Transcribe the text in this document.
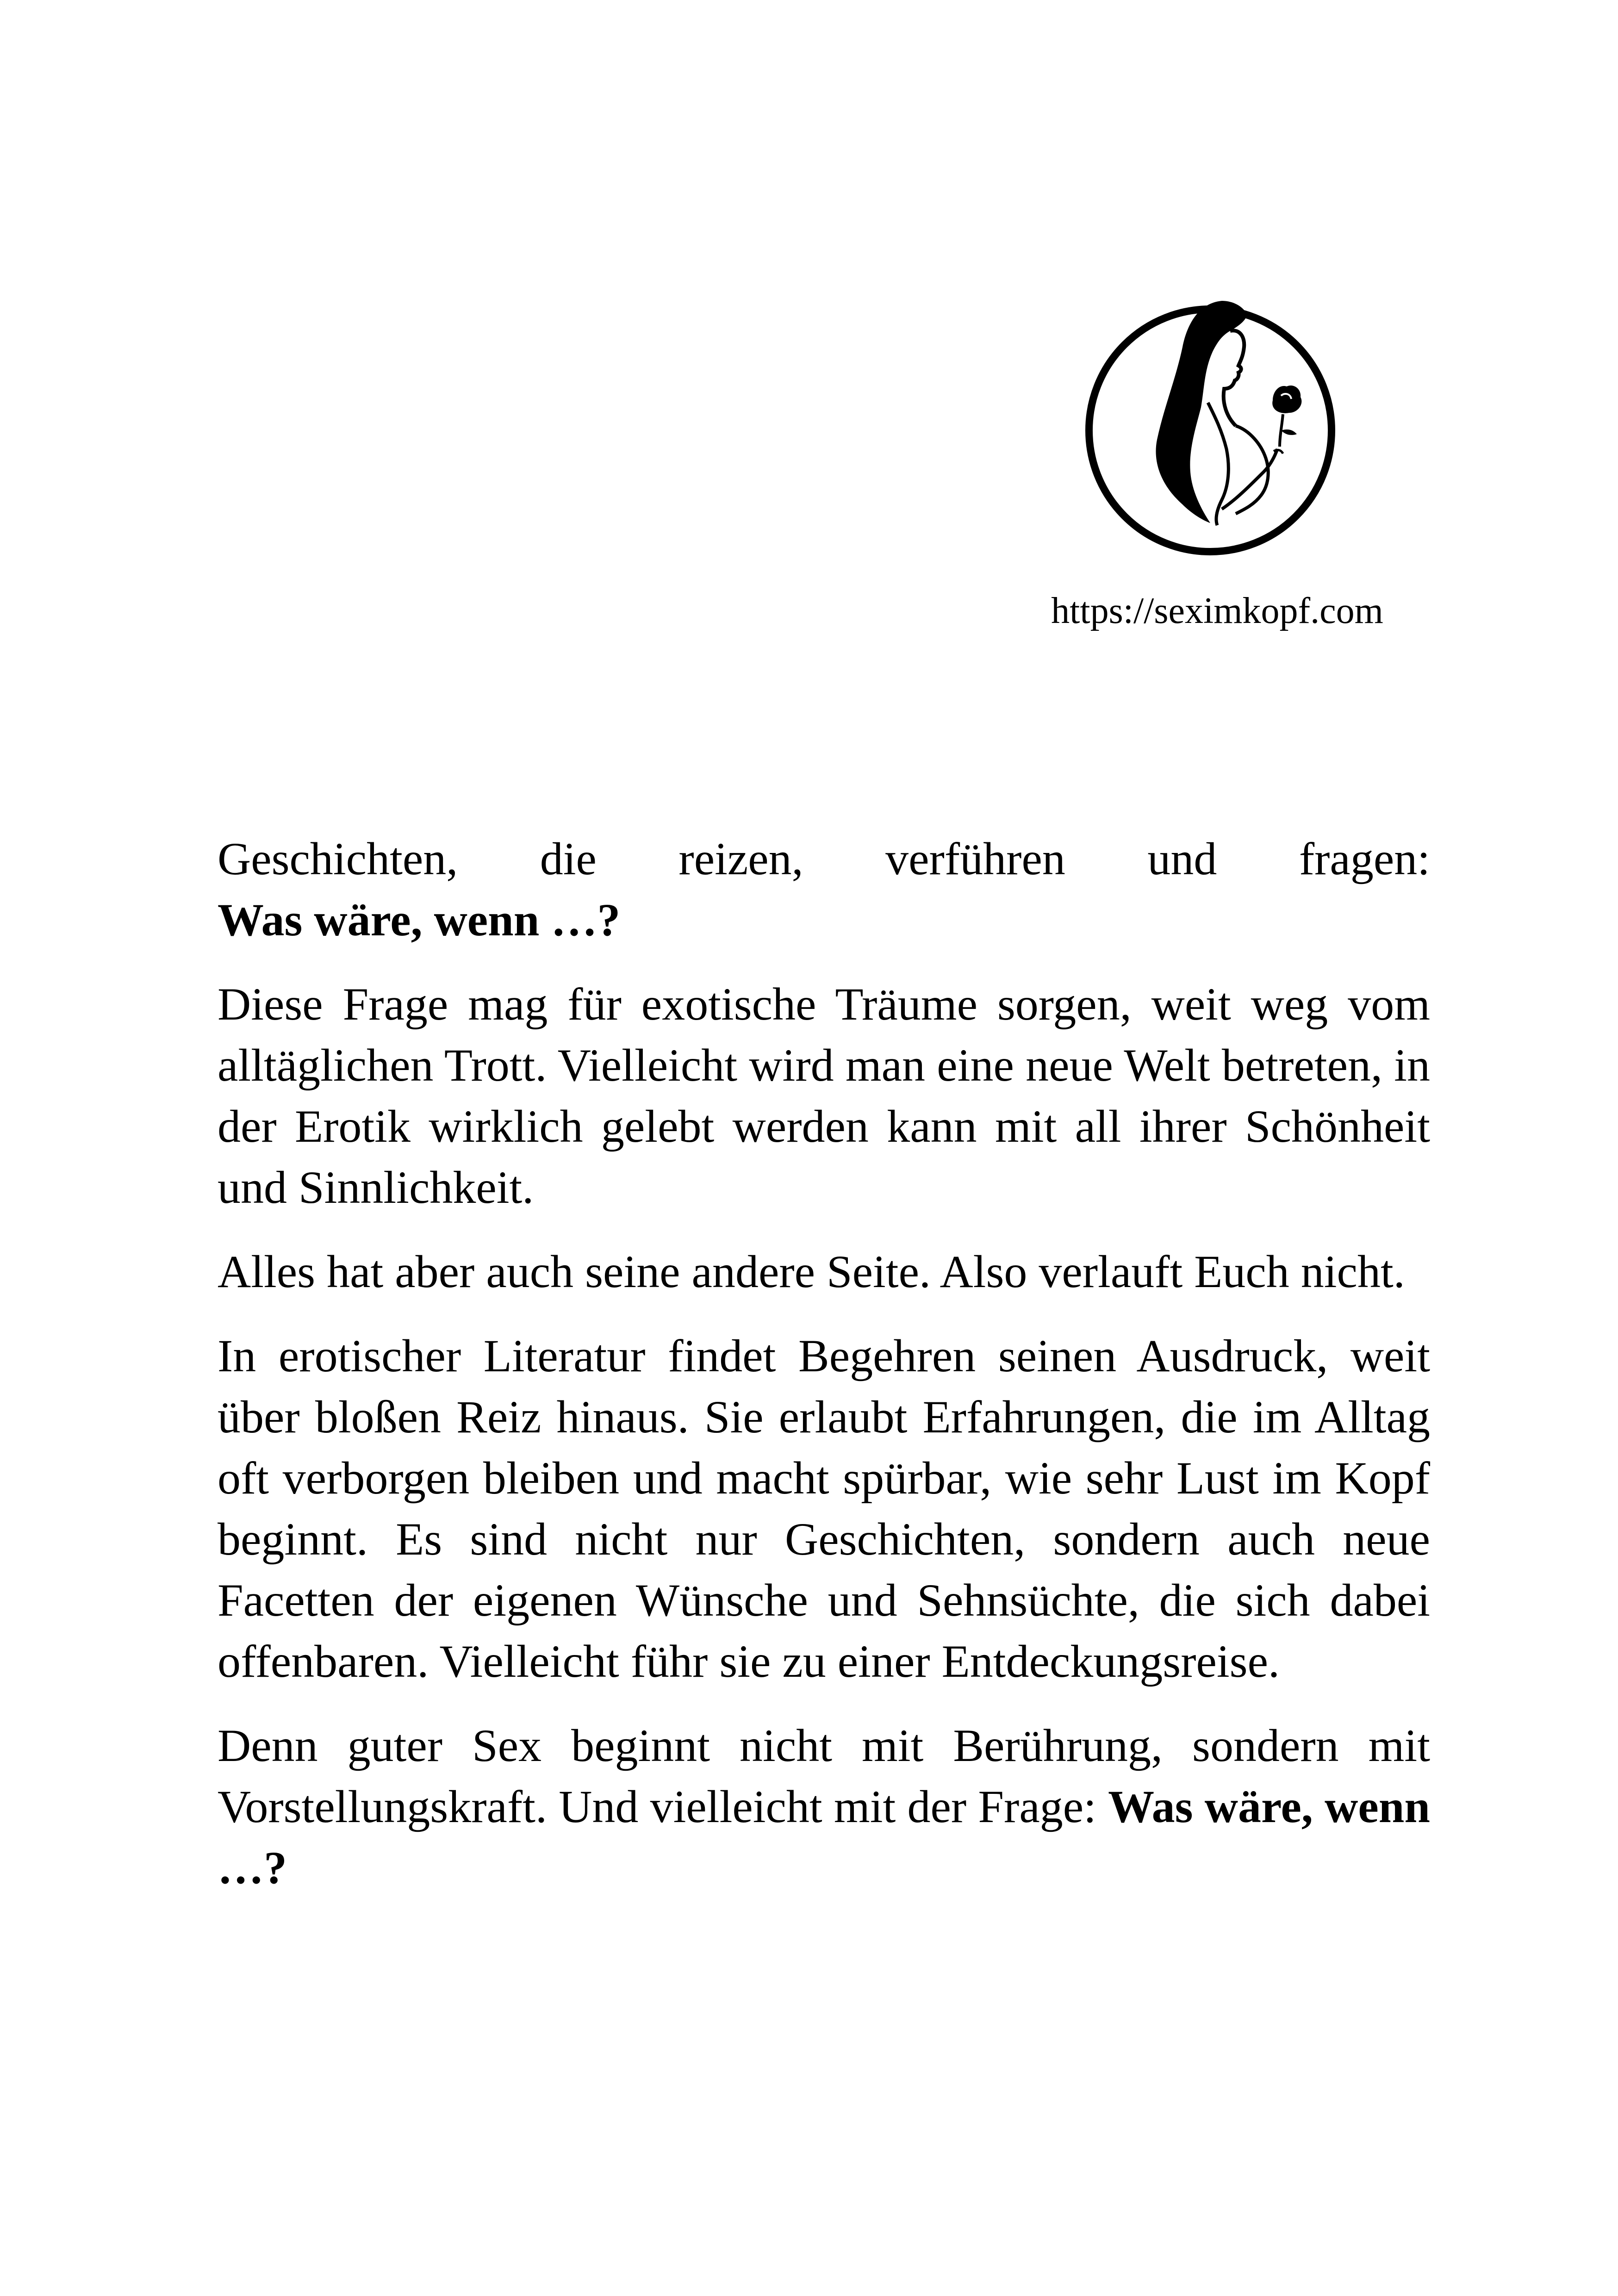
https://seximkopf.com

Geschichten, die reizen, verführen und fragen:
Was wäre, wenn …?

Diese Frage mag für exotische Träume sorgen, weit weg vom alltäglichen Trott. Vielleicht wird man eine neue Welt betreten, in der Erotik wirklich gelebt werden kann mit all ihrer Schönheit und Sinnlichkeit.

Alles hat aber auch seine andere Seite. Also verlauft Euch nicht.

In erotischer Literatur findet Begehren seinen Ausdruck, weit über bloßen Reiz hinaus. Sie erlaubt Erfahrungen, die im Alltag oft verborgen bleiben und macht spürbar, wie sehr Lust im Kopf beginnt. Es sind nicht nur Geschichten, sondern auch neue Facetten der eigenen Wünsche und Sehnsüchte, die sich dabei offenbaren. Vielleicht führ sie zu einer Entdeckungsreise.

Denn guter Sex beginnt nicht mit Berührung, sondern mit Vorstellungskraft. Und vielleicht mit der Frage: Was wäre, wenn …?
